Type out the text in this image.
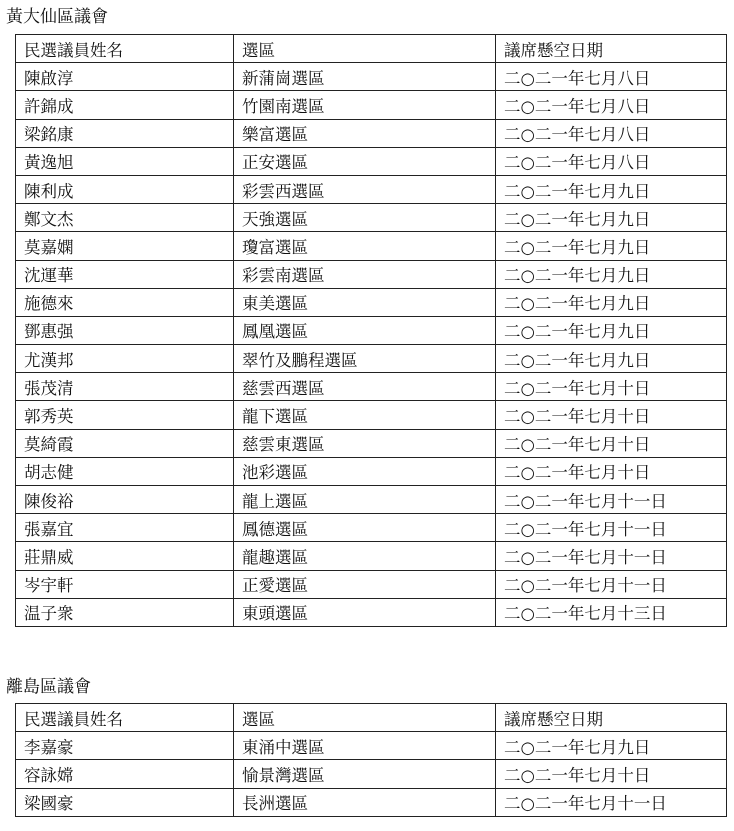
黃大仙區議會
民選議員姓名	選區	議席懸空日期
陳啟淳	新蒲崗選區	二○二一年七月八日
許錦成	竹園南選區	二○二一年七月八日
梁銘康	樂富選區	二○二一年七月八日
黃逸旭	正安選區	二○二一年七月八日
陳利成	彩雲西選區	二○二一年七月九日
鄭文杰	天強選區	二○二一年七月九日
莫嘉嫻	瓊富選區	二○二一年七月九日
沈運華	彩雲南選區	二○二一年七月九日
施德來	東美選區	二○二一年七月九日
鄧惠强	鳳凰選區	二○二一年七月九日
尤漢邦	翠竹及鵬程選區	二○二一年七月九日
張茂清	慈雲西選區	二○二一年七月十日
郭秀英	龍下選區	二○二一年七月十日
莫綺霞	慈雲東選區	二○二一年七月十日
胡志健	池彩選區	二○二一年七月十日
陳俊裕	龍上選區	二○二一年七月十一日
張嘉宜	鳳德選區	二○二一年七月十一日
莊鼎威	龍趣選區	二○二一年七月十一日
岑宇軒	正愛選區	二○二一年七月十一日
温子衆	東頭選區	二○二一年七月十三日
離島區議會
民選議員姓名	選區	議席懸空日期
李嘉豪	東涌中選區	二○二一年七月九日
容詠嫦	愉景灣選區	二○二一年七月十日
梁國豪	長洲選區	二○二一年七月十一日
